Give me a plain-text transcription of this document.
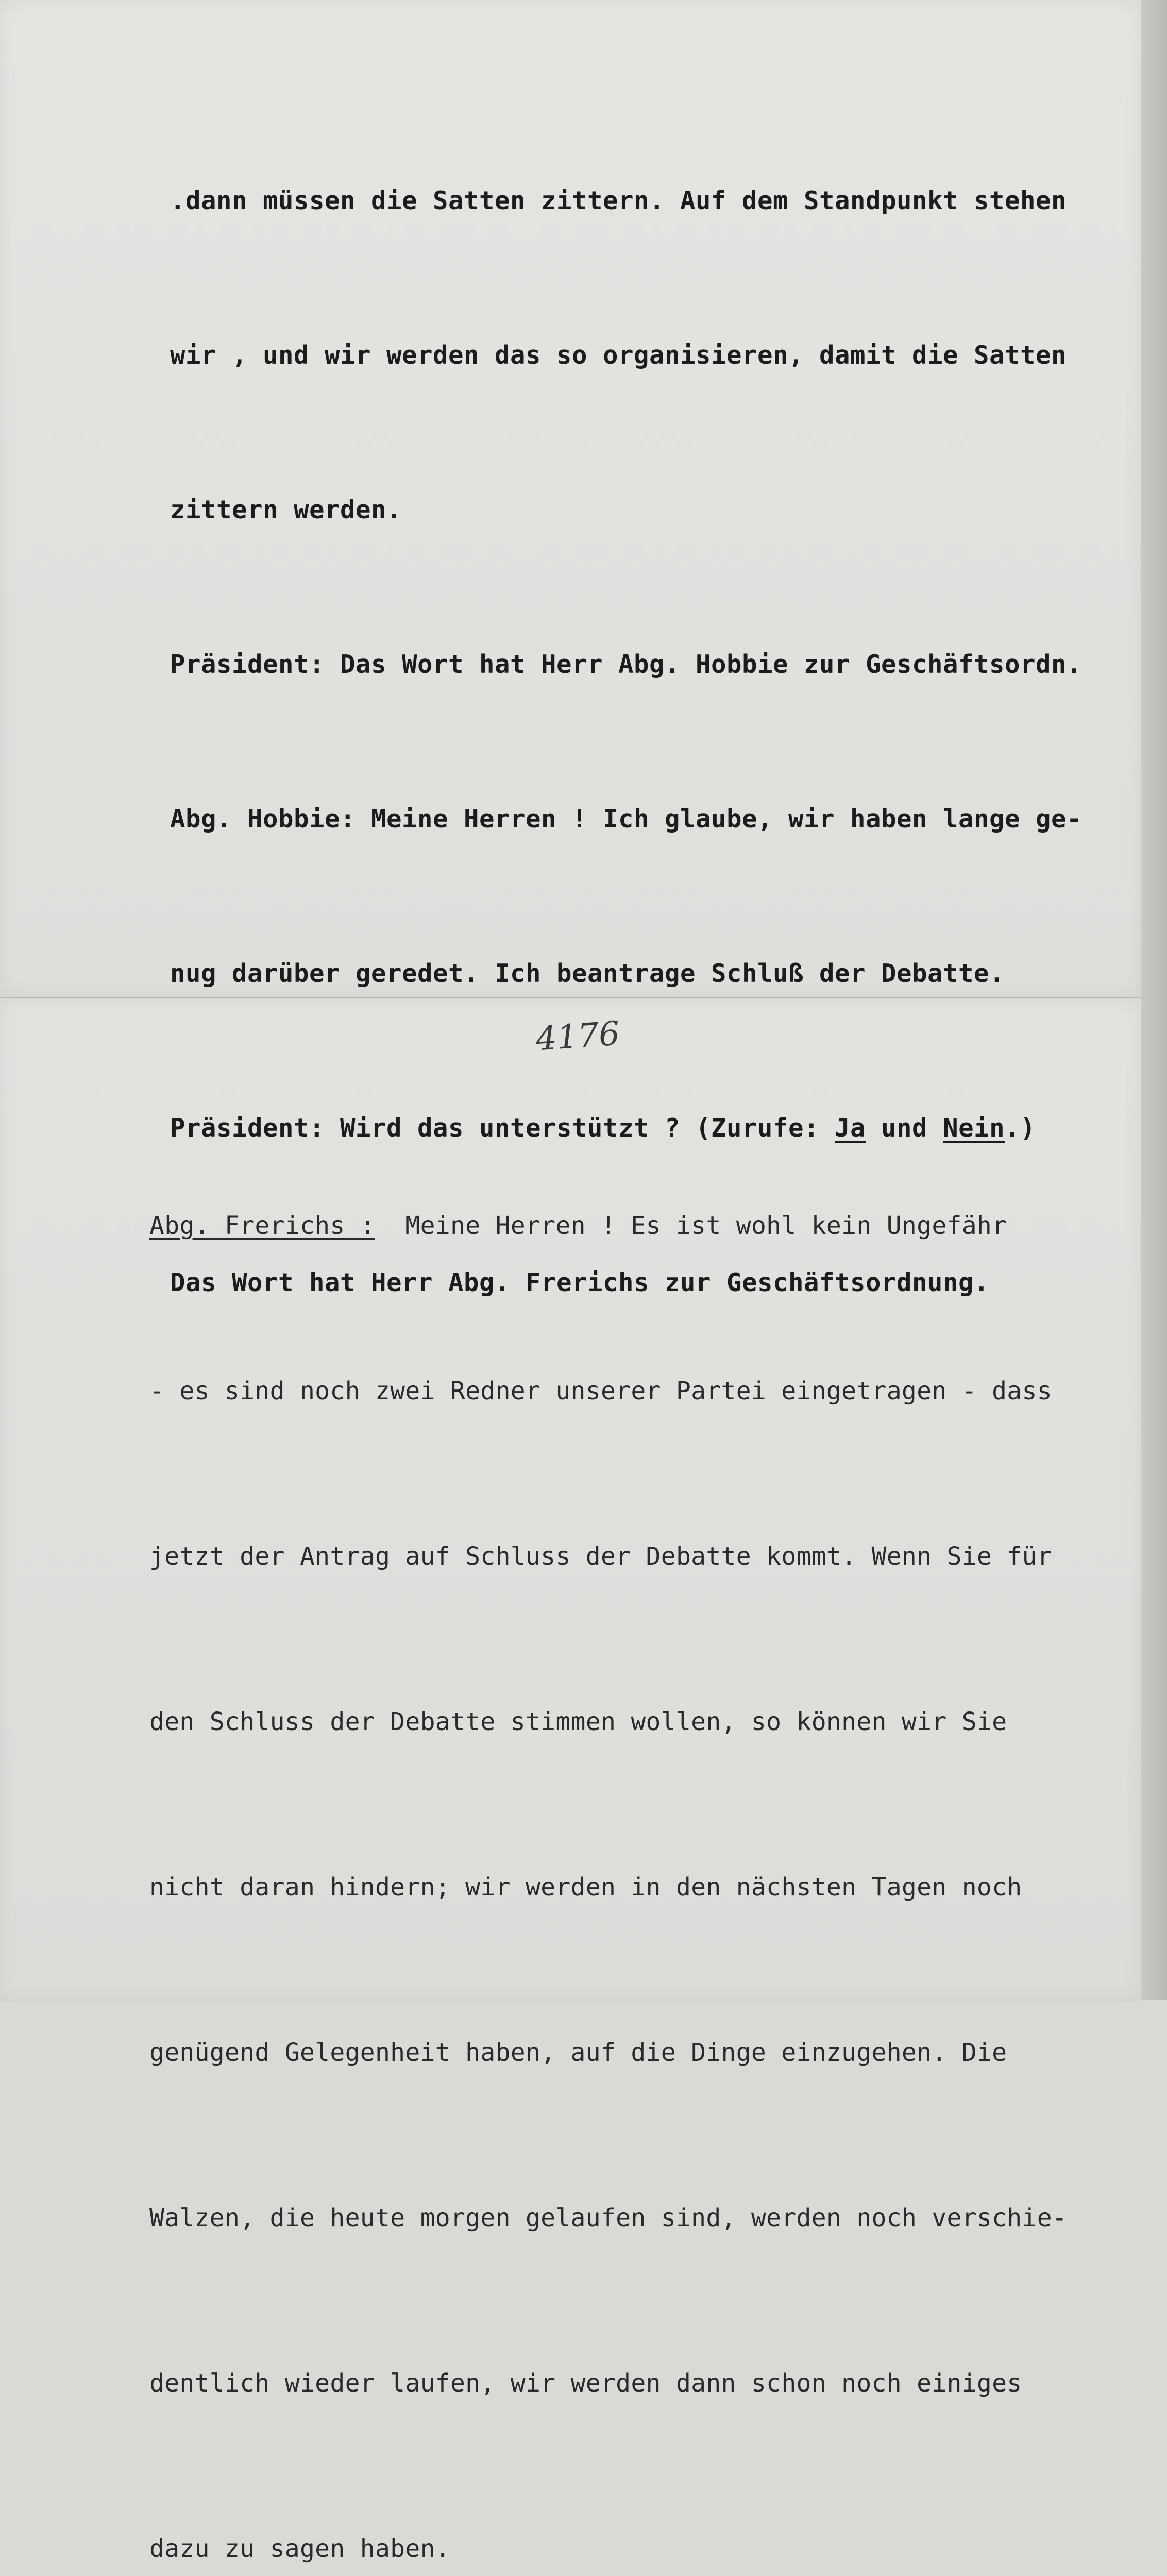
.dann müssen die Satten zittern. Auf dem Standpunkt stehen

wir , und wir werden das so organisieren, damit die Satten

zittern werden.

Präsident: Das Wort hat Herr Abg. Hobbie zur Geschäftsordn.

Abg. Hobbie: Meine Herren ! Ich glaube, wir haben lange ge-

nug darüber geredet. Ich beantrage Schluß der Debatte.

Präsident: Wird das unterstützt ? (Zurufe: Ja und Nein.)

Das Wort hat Herr Abg. Frerichs zur Geschäftsordnung.

4176

Abg. Frerichs :  Meine Herren ! Es ist wohl kein Ungefähr

- es sind noch zwei Redner unserer Partei eingetragen - dass

jetzt der Antrag auf Schluss der Debatte kommt. Wenn Sie für

den Schluss der Debatte stimmen wollen, so können wir Sie

nicht daran hindern; wir werden in den nächsten Tagen noch

genügend Gelegenheit haben, auf die Dinge einzugehen. Die

Walzen, die heute morgen gelaufen sind, werden noch verschie-

dentlich wieder laufen, wir werden dann schon noch einiges

dazu zu sagen haben.
